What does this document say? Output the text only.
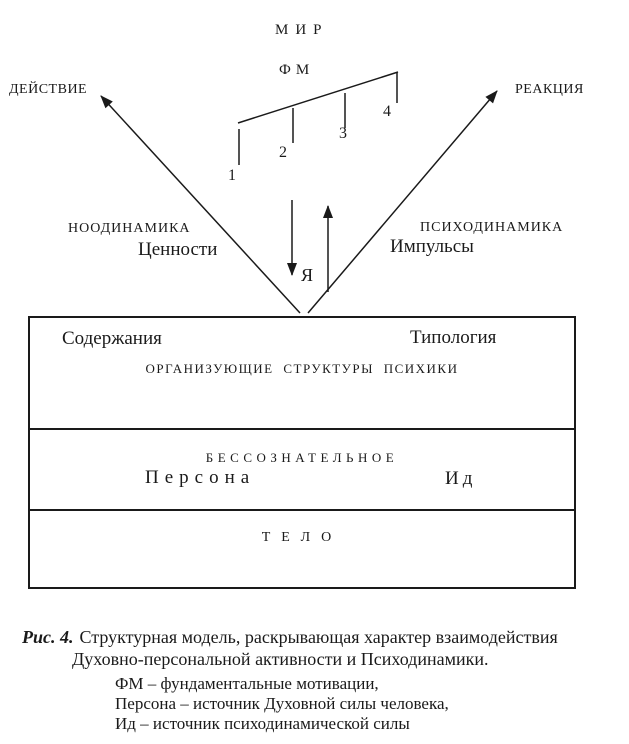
МИР
ФМ
ДЕЙСТВИЕ	РЕАКЦИЯ
1
2
3
4
НООДИНАМИКА
Ценности
ПСИХОДИНАМИКА
Импульсы
Я
Содержания	Типология
ОРГАНИЗУЮЩИЕ СТРУКТУРЫ ПСИХИКИ
БЕССОЗНАТЕЛЬНОЕ
Персона	Ид
ТЕЛО
Рис. 4. Структурная модель, раскрывающая характер взаимодействия
Духовно-персональной активности и Психодинамики.
ФМ – фундаментальные мотивации,
Персона – источник Духовной силы человека,
Ид – источник психодинамической силы
